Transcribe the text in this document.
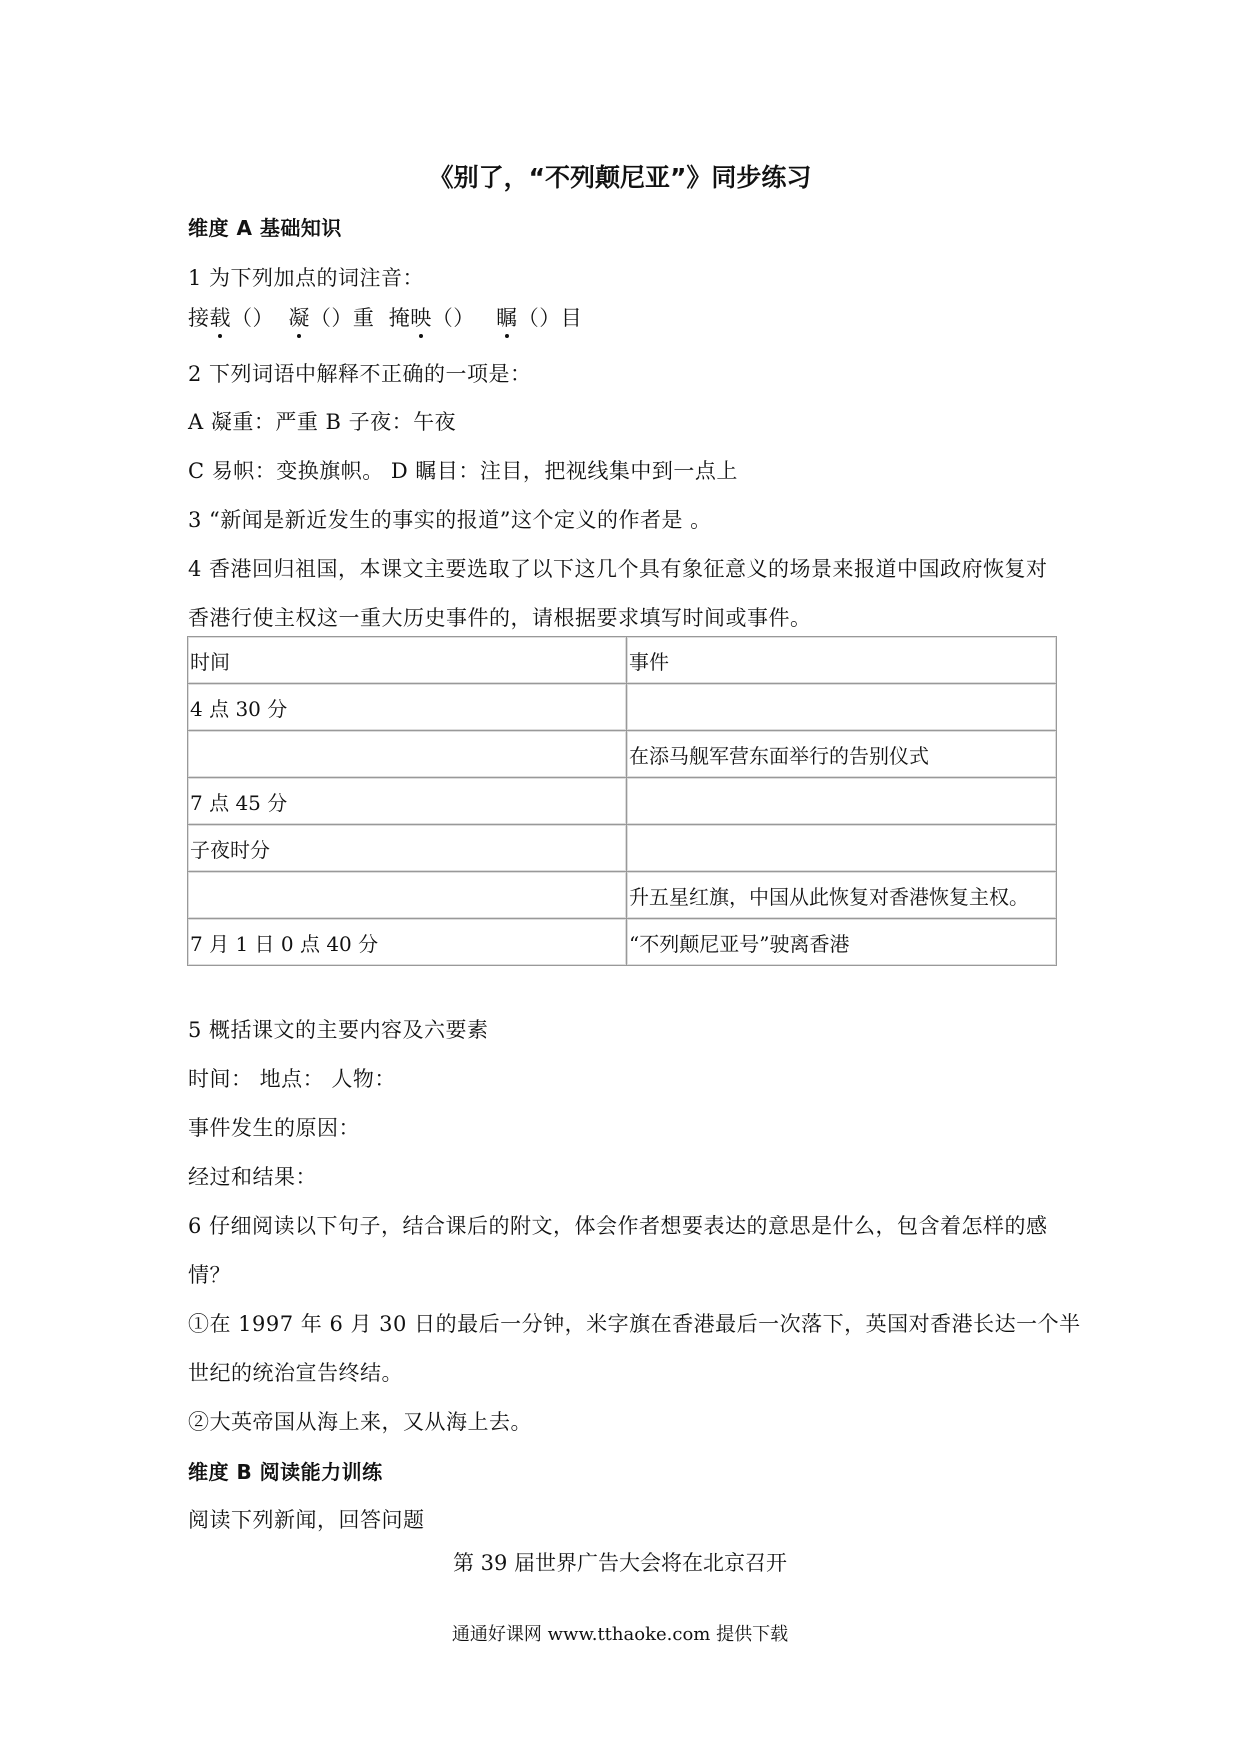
《别了，“不列颠尼亚”》同步练习
维度 A 基础知识
1 为下列加点的词注音：
接载（） 凝（）重 掩映（） 瞩（）目
2 下列词语中解释不正确的一项是：
A 凝重：严重 B 子夜：午夜
C 易帜：变换旗帜。 D 瞩目：注目，把视线集中到一点上
3 “新闻是新近发生的事实的报道”这个定义的作者是 。
4 香港回归祖国，本课文主要选取了以下这几个具有象征意义的场景来报道中国政府恢复对
香港行使主权这一重大历史事件的，请根据要求填写时间或事件。
时间	事件
4 点 30 分	
	在添马舰军营东面举行的告别仪式
7 点 45 分	
子夜时分	
	升五星红旗，中国从此恢复对香港恢复主权。
7 月 1 日 0 点 40 分	“不列颠尼亚号”驶离香港
5 概括课文的主要内容及六要素
时间： 地点： 人物：
事件发生的原因：
经过和结果：
6 仔细阅读以下句子，结合课后的附文，体会作者想要表达的意思是什么，包含着怎样的感
情？
①在 1997 年 6 月 30 日的最后一分钟，米字旗在香港最后一次落下，英国对香港长达一个半
世纪的统治宣告终结。
②大英帝国从海上来，又从海上去。
维度 B 阅读能力训练
阅读下列新闻，回答问题
第 39 届世界广告大会将在北京召开
通通好课网 www.tthaoke.com 提供下载
